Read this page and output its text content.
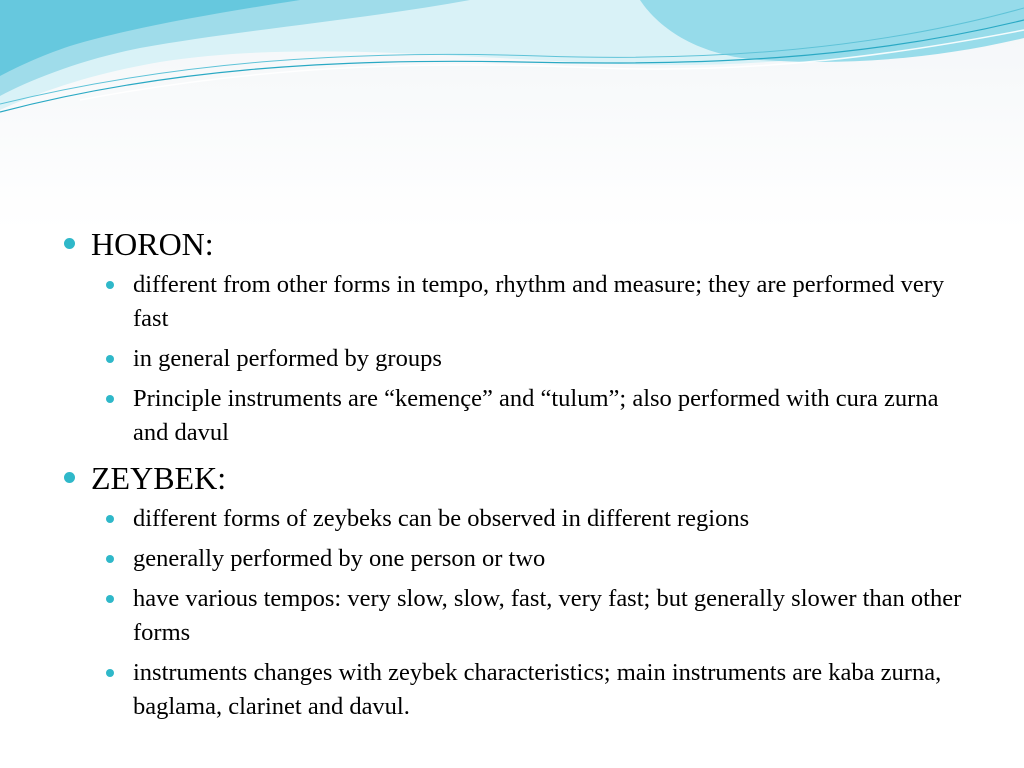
HORON:
different from other forms in tempo, rhythm and measure; they are performed very fast
in general performed by groups
Principle instruments are “kemençe” and “tulum”; also performed with cura zurna and davul
ZEYBEK:
different forms of zeybeks can be observed in different regions
generally performed by one person or two
have various tempos: very slow, slow, fast, very fast; but generally slower than other forms
instruments changes with zeybek characteristics; main instruments are kaba zurna, baglama, clarinet and davul.
